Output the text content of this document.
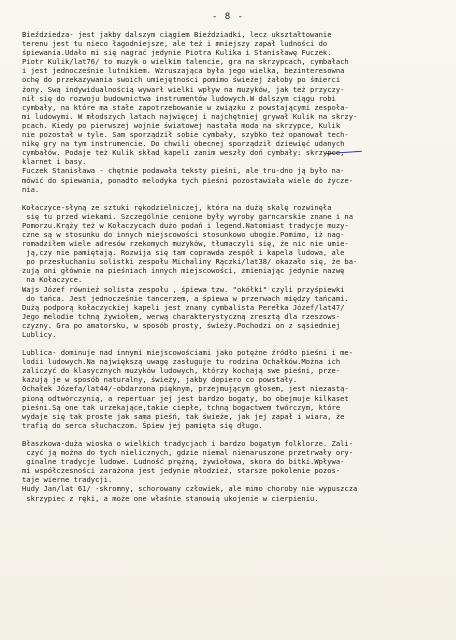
- 8 -
Bieździedza- jest jakby dalszym ciągiem Bieździadki, lecz ukształtowanie
terenu jest tu nieco łagodniejsze, ale też i mniejszy zapał ludności do
śpiewania.Udało mi się nagrać jedynie Piotra Kulika i Stanisławę Fuczek.
Piotr Kulik/lat76/ to muzyk o wielkim talencie, gra na skrzypcach, cymbałach
i jest jednocześnie lutnikiem. Wzruszająca była jego wielka, bezinteresowna
ochę do przekazywania swoich umiejętności pomimo świeżej żałoby po śmierci
żony. Swą indywidualnością wywarł wielki wpływ na muzyków, jak też przyczy-
nił się do rozwoju budownictwa instrumentów ludowych.W dalszym ciągu robi
cymbały, na które ma stałe zapotrzebowanie w związku z powstającymi zespoła-
mi ludowymi. W młodszych latach najwięcej i najchętniej grywał Kulik na skrzy-
pcach. Kiedy po pierwszej wojnie światowej nastała moda na skrzypce, Kulik
nie pozostał w tyle. Sam sporządził sobie cymbały, szybko też opanował tech-
nikę gry na tym instrumencie. Do chwili obecnej sporządził dziewięć udanych
cymbałów. Podaje też Kulik skład kapeli zanim weszły doń cymbały: skrzypce,
klarnet i basy.
Fuczek Stanisława - chętnie podawała teksty pieśni, ale tru-dno ją było na-
mówić do śpiewania, ponadto melodyka tych pieśni pozostawiała wiele do życze-
nia.
Kołaczyce-słyną ze sztuki rękodzielniczej, która na dużą skalę rozwinęła
się tu przed wiekami. Szczególnie cenione były wyroby garncarskie znane i na
Pomorzu.Krąży też w Kołaczycach dużo podań i legend.Natomiast tradycje muzy-
czne są w stosunku do innych miejscowości stosunkowo ubogie.Pomimo, iż nag-
romadziłem wiele adresów rzekomych muzyków, tłumaczyli się, że nic nie umie-
ją,czy nie pamiętają. Rozwija się tam coprawda zespół i kapela ludowa, ale
po przesłuchaniu solistki zespołu Michaliny Rączki/lat38/ okazało się, że ba-
zują oni głównie na pieśniach innych miejscowości, zmieniając jedynie nazwę
na Kołaczyce.
Wajs Józef również solista zespołu , śpiewa tzw. "okółki" czyli przyśpiewki
do tańca. Jest jednocześnie tancerzem, a śpiewa w przerwach między tańcami.
Dużą podporą kołaczyckiej kapeli jest znany cymbalista Perełka Józef/lat47/
Jego melodie tchną żywiołem, werwą charakterystyczną zresztą dla rzeszows-
czyzny. Gra po amatorsku, w sposób prosty, świeży.Pochodzi on z sąsiedniej
Lublicy.
Lubliса- dominuje nad innymi miejscowościami jako potężne źródło pieśni i me-
lodii ludowych.Na największą uwagę zasługuje tu rodzina Ochałków.Można ich
zaliczyć do klasycznych muzyków ludowych, którzy kochają swe pieśni, prze-
kazują je w sposób naturalny, świeży, jakby dopiero co powstały.
Ochałek Józefa/lat44/-obdarzona pięknym, przejmującym głosem, jest niezastą-
pioną odtwórczynią, a repertuar jej jest bardzo bogaty, bo obejmuje kilkaset
pieśni.Są one tak urzekające,takie ciepłe, tchną bogactwem twórczym, które
wydaje się tak proste jak sama pieśń, tak świeże, jak jej zapał i wiara, że
trafią do serca słuchaczom. Śpiew jej pamięta się długo.
Błaszkowa-duża wioska o wielkich tradycjach i bardzo bogatym folklorze. Zali-
czyć ją można do tych nielicznych, gdzie niemal nienaruszone przetrwały ory-
ginalne tradycje ludowe. Ludność prężną, żywiołowa, skora do bitki.Wpływa-
mi współczesności zarażona jest jedynie młodzież, starsze pokolenie pozos-
tajе wierne tradycji.
Hudy Jan/lat 61/ -skromny, schorowany człowiek, ale mimo choroby nie wypuszcza
skrzypiec z ręki, a może one właśnie stanowią ukojenie w cierpieniu.
